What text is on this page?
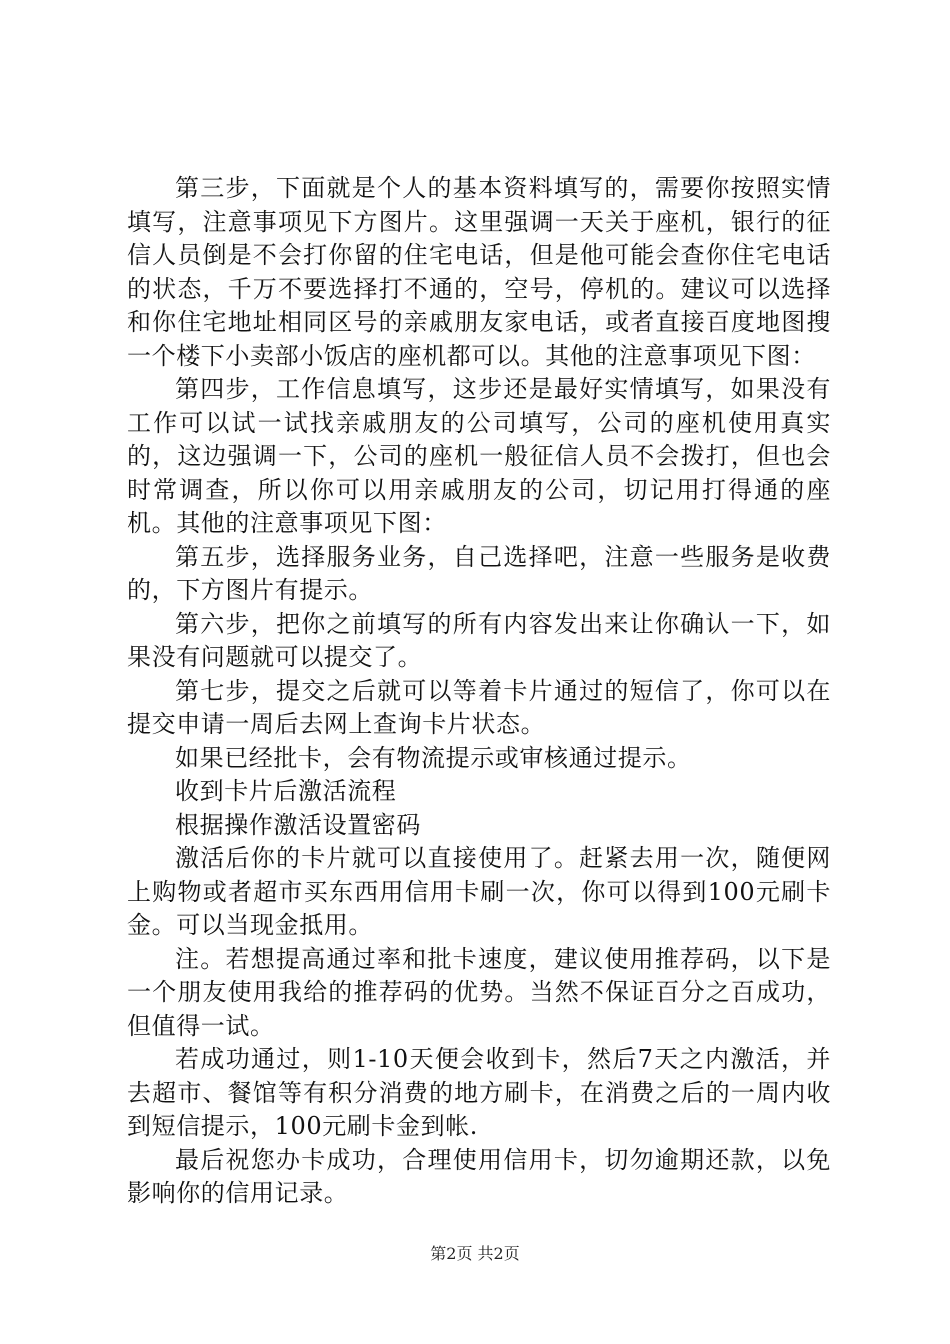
第三步，下面就是个人的基本资料填写的，需要你按照实情填写，注意事项见下方图片。这里强调一天关于座机，银行的征信人员倒是不会打你留的住宅电话，但是他可能会查你住宅电话的状态，千万不要选择打不通的，空号，停机的。建议可以选择和你住宅地址相同区号的亲戚朋友家电话，或者直接百度地图搜一个楼下小卖部小饭店的座机都可以。其他的注意事项见下图：

第四步，工作信息填写，这步还是最好实情填写，如果没有工作可以试一试找亲戚朋友的公司填写，公司的座机使用真实的，这边强调一下，公司的座机一般征信人员不会拨打，但也会时常调查，所以你可以用亲戚朋友的公司，切记用打得通的座机。其他的注意事项见下图：

第五步，选择服务业务，自己选择吧，注意一些服务是收费的，下方图片有提示。

第六步，把你之前填写的所有内容发出来让你确认一下，如果没有问题就可以提交了。

第七步，提交之后就可以等着卡片通过的短信了，你可以在提交申请一周后去网上查询卡片状态。

如果已经批卡，会有物流提示或审核通过提示。

收到卡片后激活流程

根据操作激活设置密码

激活后你的卡片就可以直接使用了。赶紧去用一次，随便网上购物或者超市买东西用信用卡刷一次，你可以得到100元刷卡金。可以当现金抵用。

注。若想提高通过率和批卡速度，建议使用推荐码，以下是一个朋友使用我给的推荐码的优势。当然不保证百分之百成功，但值得一试。

若成功通过，则1-10天便会收到卡，然后7天之内激活，并去超市、餐馆等有积分消费的地方刷卡，在消费之后的一周内收到短信提示，100元刷卡金到帐.

最后祝您办卡成功，合理使用信用卡，切勿逾期还款，以免影响你的信用记录。

第2页 共2页
